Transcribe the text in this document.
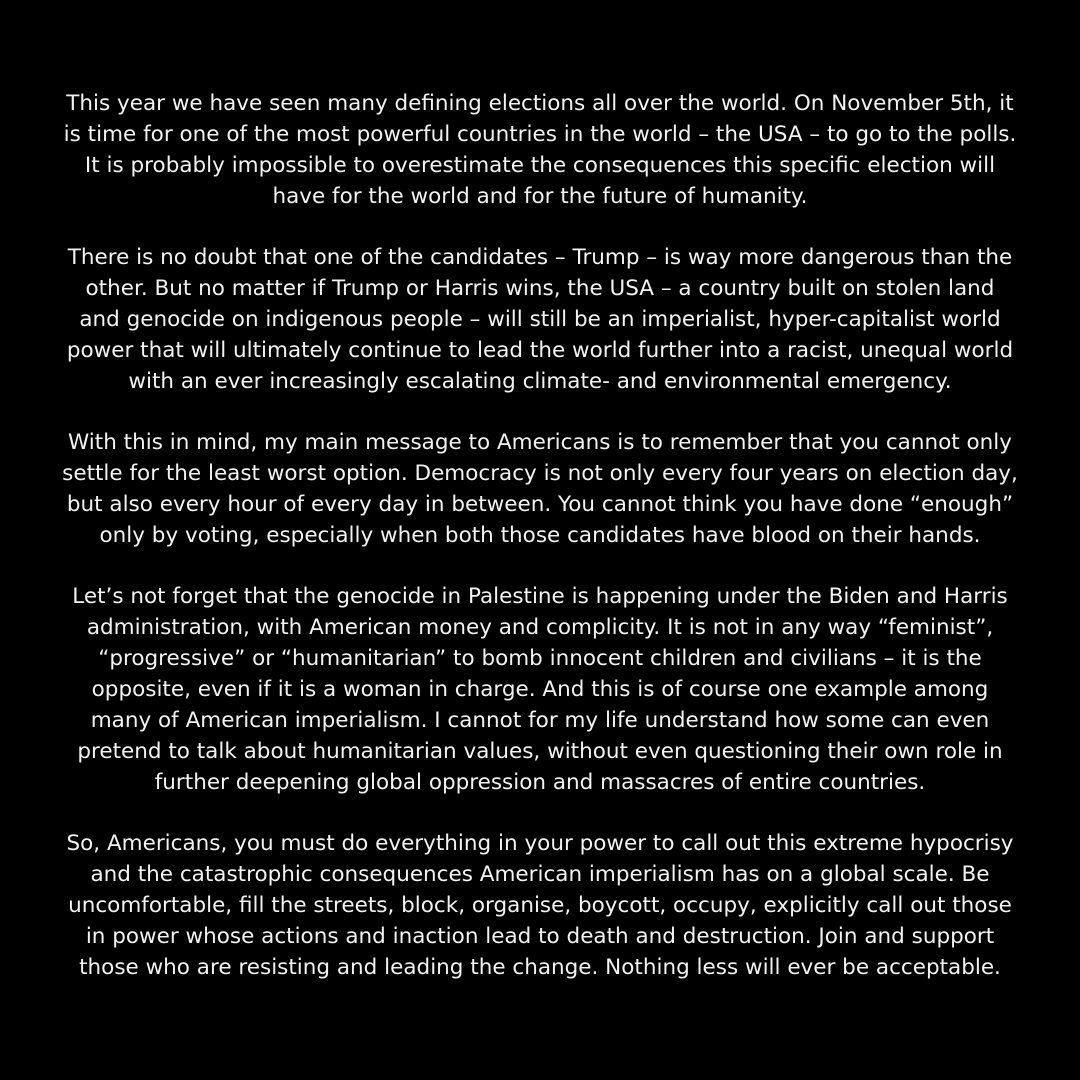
This year we have seen many defining elections all over the world. On November 5th, it is time for one of the most powerful countries in the world – the USA – to go to the polls. It is probably impossible to overestimate the consequences this specific election will have for the world and for the future of humanity.

There is no doubt that one of the candidates – Trump – is way more dangerous than the other. But no matter if Trump or Harris wins, the USA – a country built on stolen land and genocide on indigenous people – will still be an imperialist, hyper-capitalist world power that will ultimately continue to lead the world further into a racist, unequal world with an ever increasingly escalating climate- and environmental emergency.

With this in mind, my main message to Americans is to remember that you cannot only settle for the least worst option. Democracy is not only every four years on election day, but also every hour of every day in between. You cannot think you have done “enough” only by voting, especially when both those candidates have blood on their hands.

Let’s not forget that the genocide in Palestine is happening under the Biden and Harris administration, with American money and complicity. It is not in any way “feminist”, “progressive” or “humanitarian” to bomb innocent children and civilians – it is the opposite, even if it is a woman in charge. And this is of course one example among many of American imperialism. I cannot for my life understand how some can even pretend to talk about humanitarian values, without even questioning their own role in further deepening global oppression and massacres of entire countries.

So, Americans, you must do everything in your power to call out this extreme hypocrisy and the catastrophic consequences American imperialism has on a global scale. Be uncomfortable, fill the streets, block, organise, boycott, occupy, explicitly call out those in power whose actions and inaction lead to death and destruction. Join and support those who are resisting and leading the change. Nothing less will ever be acceptable.
